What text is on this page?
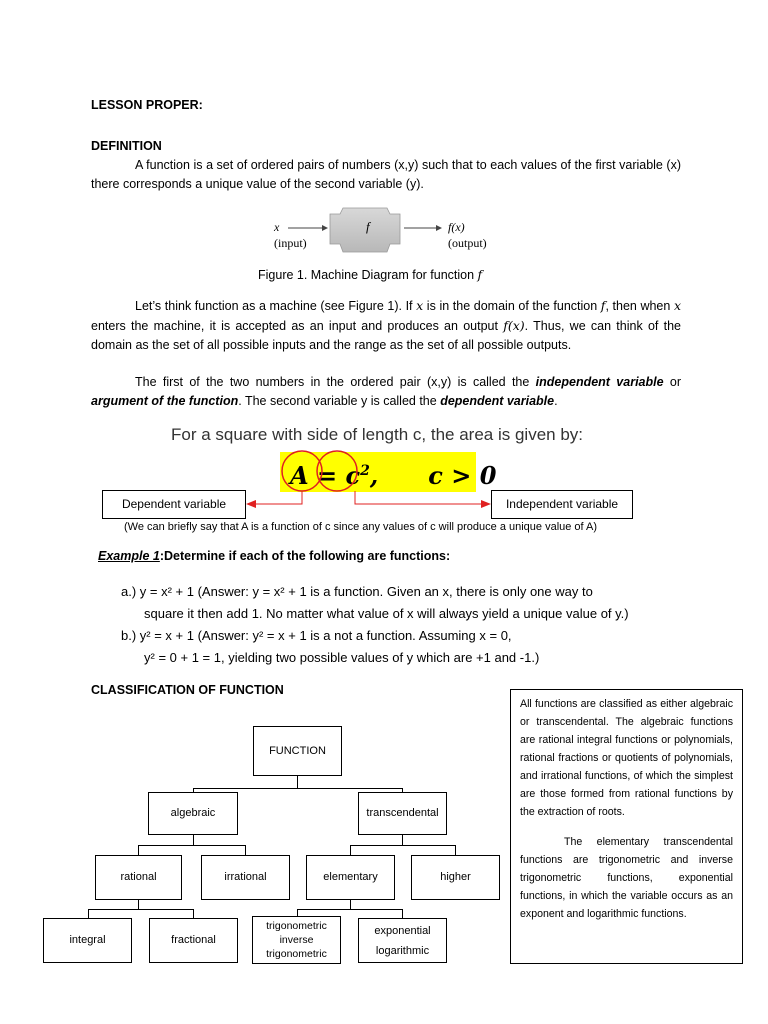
LESSON PROPER:
DEFINITION
A function is a set of ordered pairs of numbers (x,y) such that to each values of the first variable (x) there corresponds a unique value of the second variable (y).
x
(input)
f	f(x)
(output)
Figure 1. Machine Diagram for function f
Let’s think function as a machine (see Figure 1). If x is in the domain of the function f, then when x enters the machine, it is accepted as an input and produces an output f(x). Thus, we can think of the domain as the set of all possible inputs and the range as the set of all possible outputs.
The first of the two numbers in the ordered pair (x,y) is called the independent variable or argument of the function. The second variable y is called the dependent variable.
For a square with side of length c, the area is given by:
$A = c^2$,      c > 0
Dependent variable	Independent variable
(We can briefly say that A is a function of c since any values of c will produce a unique value of A)
Example 1:Determine if each of the following are functions:
a.) y = x² + 1 (Answer: y = x² + 1 is a function. Given an x, there is only one way to
square it then add 1. No matter what value of x will always yield a unique value of y.)
b.) y² = x + 1 (Answer: y² = x + 1 is a not a function. Assuming x = 0,
y² = 0 + 1 = 1, yielding two possible values of y which are +1 and -1.)
CLASSIFICATION OF FUNCTION
FUNCTION
algebraic	transcendental
rational	irrational	elementary	higher
integral	fractional
trigonometric
inverse
trigonometric
exponential
logarithmic
All functions are classified as either algebraic or transcendental. The algebraic functions are rational integral functions or polynomials, rational fractions or quotients of polynomials, and irrational functions, of which the simplest are those formed from rational functions by the extraction of roots.
The elementary transcendental functions are trigonometric and inverse trigonometric functions, exponential functions, in which the variable occurs as an exponent and logarithmic functions.
